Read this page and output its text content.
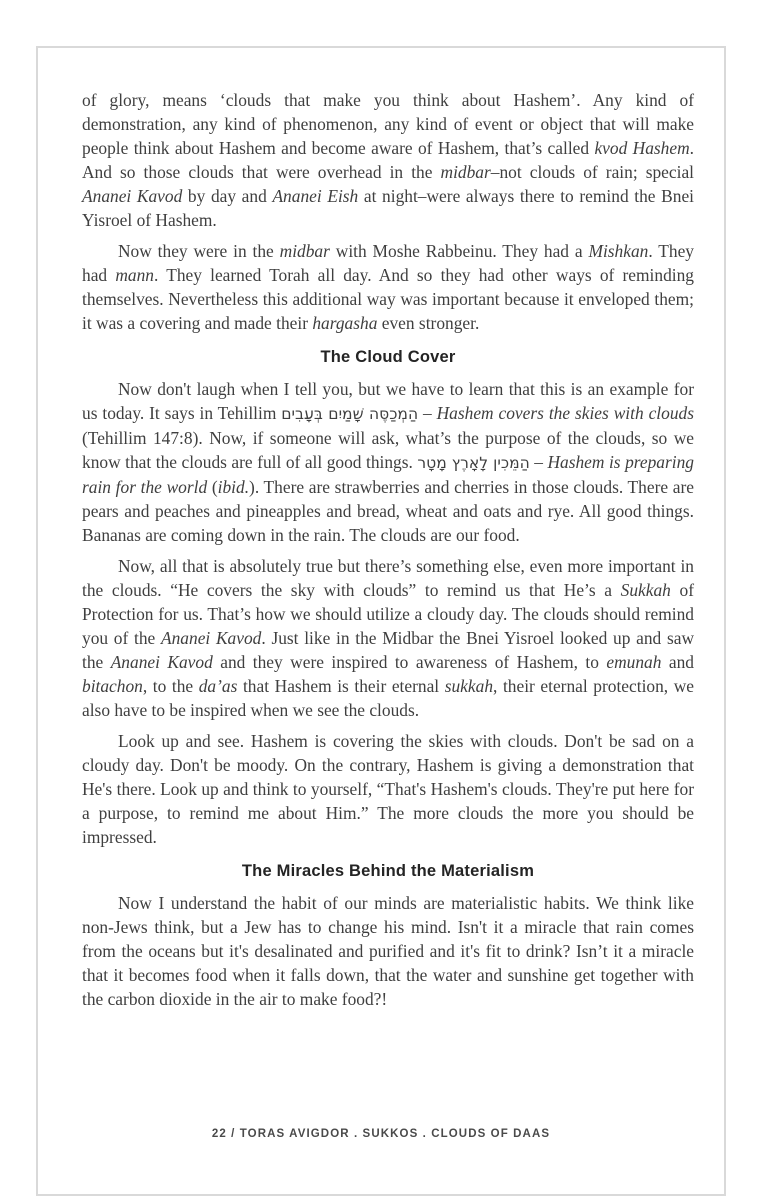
of glory, means ‘clouds that make you think about Hashem’. Any kind of demonstration, any kind of phenomenon, any kind of event or object that will make people think about Hashem and become aware of Hashem, that’s called kvod Hashem. And so those clouds that were overhead in the midbar–not clouds of rain; special Ananei Kavod by day and Ananei Eish at night–were always there to remind the Bnei Yisroel of Hashem.

Now they were in the midbar with Moshe Rabbeinu. They had a Mishkan. They had mann. They learned Torah all day. And so they had other ways of reminding themselves. Nevertheless this additional way was important because it enveloped them; it was a covering and made their hargasha even stronger.

The Cloud Cover

Now don't laugh when I tell you, but we have to learn that this is an example for us today. It says in Tehillim הַמְכַסֶּה שָׁמַיִם בְּעָבִים – Hashem covers the skies with clouds (Tehillim 147:8). Now, if someone will ask, what’s the purpose of the clouds, so we know that the clouds are full of all good things. הַמֵּכִין לָאָרֶץ מָטָר – Hashem is preparing rain for the world (ibid.). There are strawberries and cherries in those clouds. There are pears and peaches and pineapples and bread, wheat and oats and rye. All good things. Bananas are coming down in the rain. The clouds are our food.

Now, all that is absolutely true but there’s something else, even more important in the clouds. “He covers the sky with clouds” to remind us that He’s a Sukkah of Protection for us. That’s how we should utilize a cloudy day. The clouds should remind you of the Ananei Kavod. Just like in the Midbar the Bnei Yisroel looked up and saw the Ananei Kavod and they were inspired to awareness of Hashem, to emunah and bitachon, to the da’as that Hashem is their eternal sukkah, their eternal protection, we also have to be inspired when we see the clouds.

Look up and see. Hashem is covering the skies with clouds. Don't be sad on a cloudy day. Don't be moody. On the contrary, Hashem is giving a demonstration that He's there. Look up and think to yourself, “That's Hashem's clouds. They're put here for a purpose, to remind me about Him.” The more clouds the more you should be impressed.

The Miracles Behind the Materialism

Now I understand the habit of our minds are materialistic habits. We think like non-Jews think, but a Jew has to change his mind. Isn't it a miracle that rain comes from the oceans but it's desalinated and purified and it's fit to drink? Isn’t it a miracle that it becomes food when it falls down, that the water and sunshine get together with the carbon dioxide in the air to make food?!

22 / TORAS AVIGDOR . SUKKOS . CLOUDS OF DAAS
